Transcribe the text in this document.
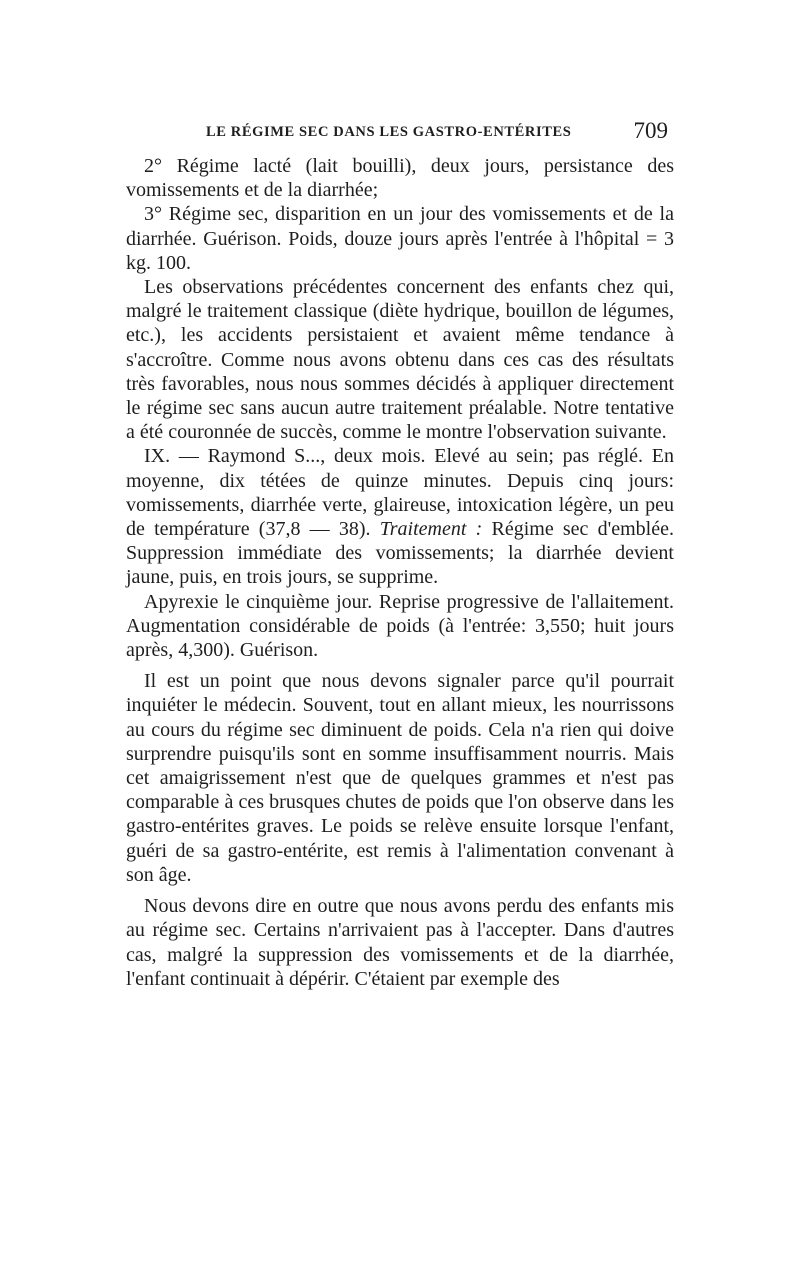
LE RÉGIME SEC DANS LES GASTRO-ENTÉRITES	709

2° Régime lacté (lait bouilli), deux jours, persistance des vomissements et de la diarrhée;

3° Régime sec, disparition en un jour des vomissements et de la diarrhée. Guérison. Poids, douze jours après l'entrée à l'hôpital = 3 kg. 100.

Les observations précédentes concernent des enfants chez qui, malgré le traitement classique (diète hydrique, bouillon de légumes, etc.), les accidents persistaient et avaient même tendance à s'accroître. Comme nous avons obtenu dans ces cas des résultats très favorables, nous nous sommes décidés à appliquer directement le régime sec sans aucun autre traitement préalable. Notre tentative a été couronnée de succès, comme le montre l'observation suivante.

IX. — Raymond S..., deux mois. Elevé au sein; pas réglé. En moyenne, dix tétées de quinze minutes. Depuis cinq jours: vomissements, diarrhée verte, glaireuse, intoxication légère, un peu de température (37,8 — 38). Traitement : Régime sec d'emblée. Suppression immédiate des vomissements; la diarrhée devient jaune, puis, en trois jours, se supprime.

Apyrexie le cinquième jour. Reprise progressive de l'allaitement. Augmentation considérable de poids (à l'entrée: 3,550; huit jours après, 4,300). Guérison.

Il est un point que nous devons signaler parce qu'il pourrait inquiéter le médecin. Souvent, tout en allant mieux, les nourrissons au cours du régime sec diminuent de poids. Cela n'a rien qui doive surprendre puisqu'ils sont en somme insuffisamment nourris. Mais cet amaigrissement n'est que de quelques grammes et n'est pas comparable à ces brusques chutes de poids que l'on observe dans les gastro-entérites graves. Le poids se relève ensuite lorsque l'enfant, guéri de sa gastro-entérite, est remis à l'alimentation convenant à son âge.

Nous devons dire en outre que nous avons perdu des enfants mis au régime sec. Certains n'arrivaient pas à l'accepter. Dans d'autres cas, malgré la suppression des vomissements et de la diarrhée, l'enfant continuait à dépérir. C'étaient par exemple des
